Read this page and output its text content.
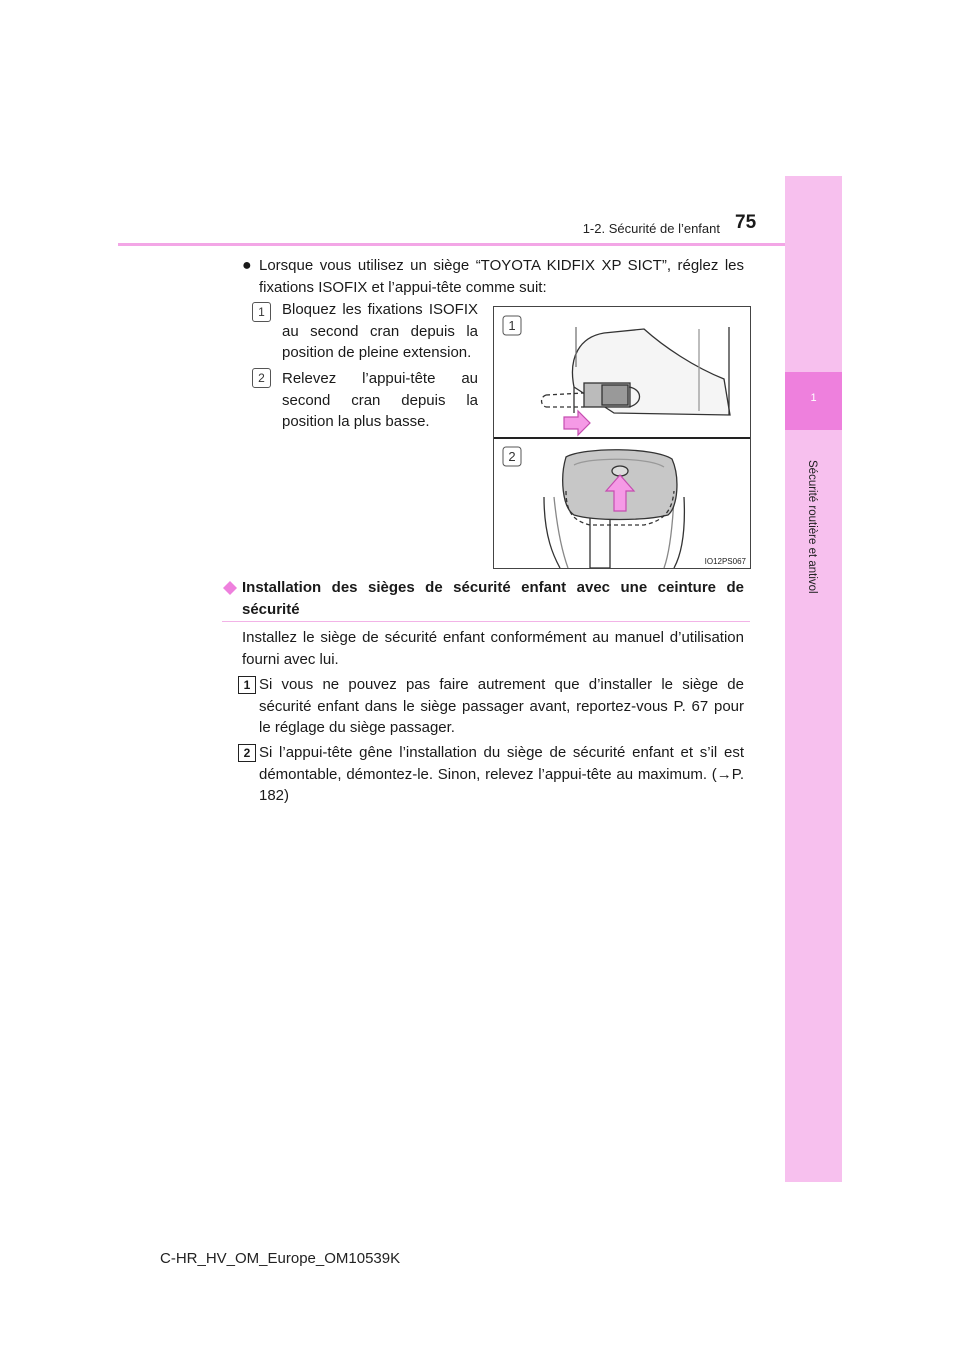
1
Sécurité routière et antivol
1-2. Sécurité de l’enfant 75
● Lorsque vous utilisez un siège “TOYOTA KIDFIX XP SICT”, réglez les fixations ISOFIX et l’appui-tête comme suit:
1	Bloquez les fixations ISOFIX au second cran depuis la position de pleine extension.
2	Relevez l’appui-tête au second cran depuis la position la plus basse.
1
2
IO12PS067
Installation des sièges de sécurité enfant avec une ceinture de sécurité
Installez le siège de sécurité enfant conformément au manuel d’utilisation fourni avec lui.
1 Si vous ne pouvez pas faire autrement que d’installer le siège de sécurité enfant dans le siège passager avant, reportez-vous P. 67 pour le réglage du siège passager.
2 Si l’appui-tête gêne l’installation du siège de sécurité enfant et s’il est démontable, démontez-le. Sinon, relevez l’appui-tête au maximum. (→P. 182)
C-HR_HV_OM_Europe_OM10539K
